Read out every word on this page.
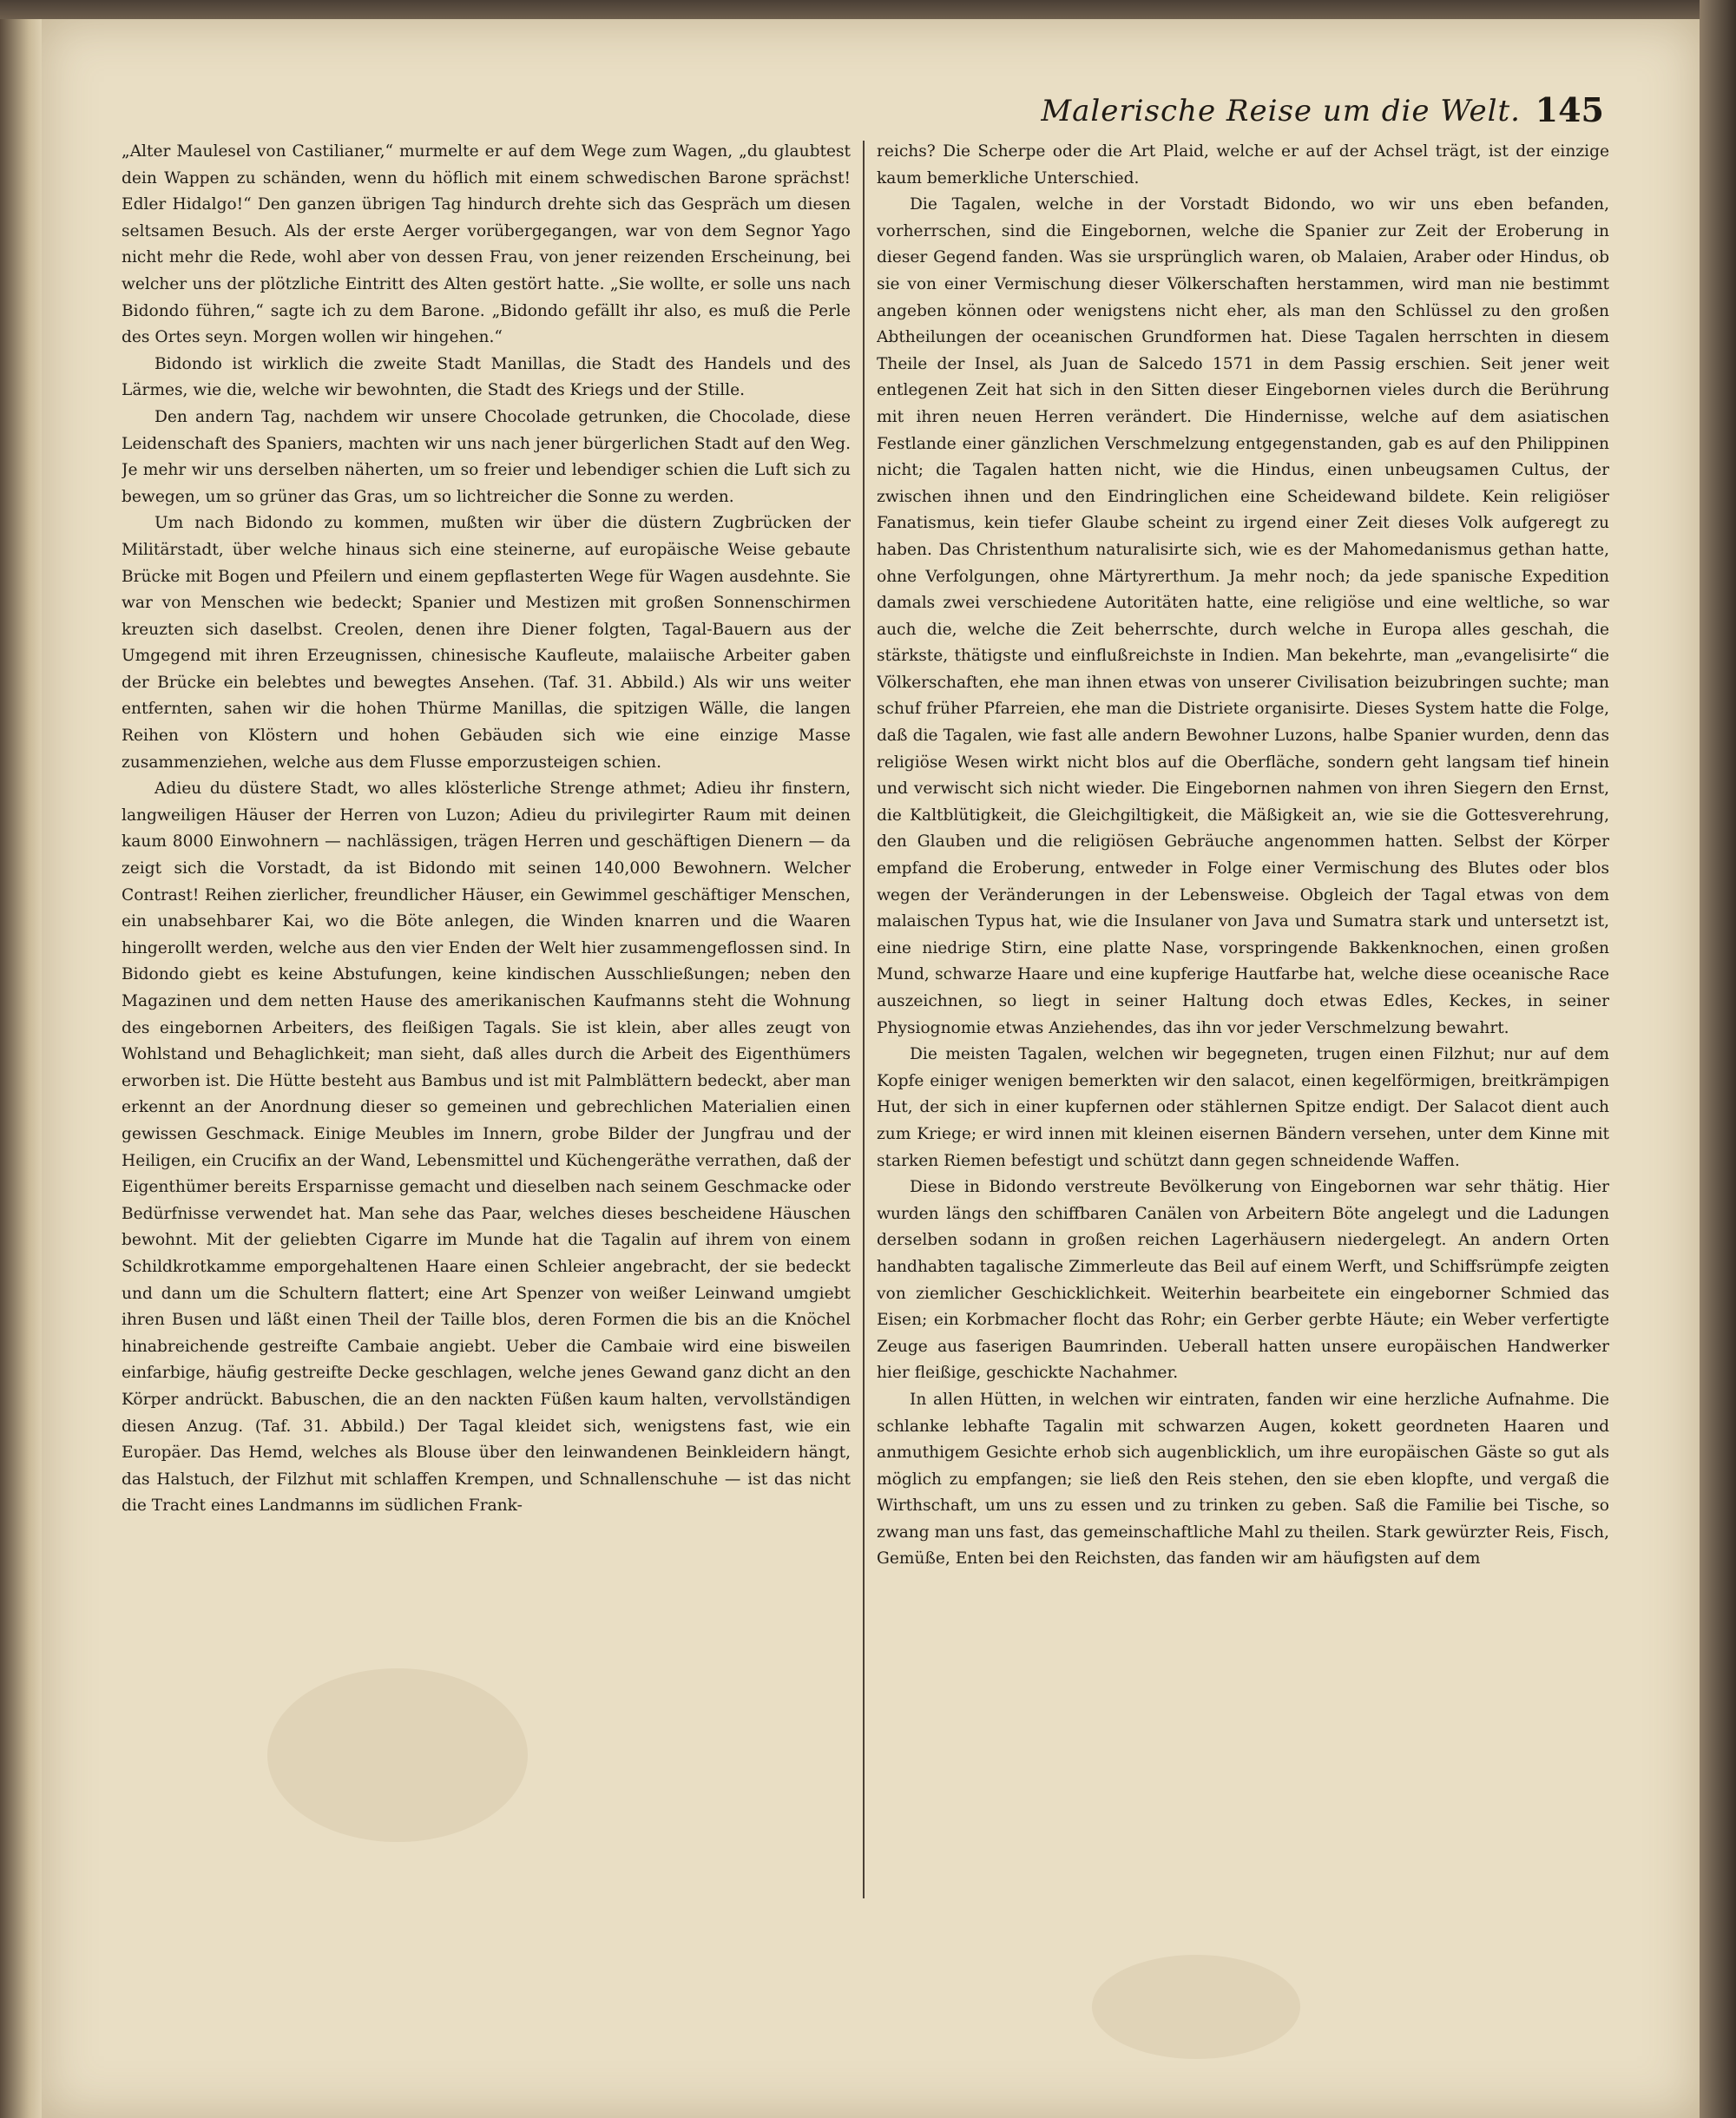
Malerische Reise um die Welt. 145

„Alter Maulesel von Castilianer,“ murmelte er auf dem Wege zum Wagen, „du glaubtest dein Wappen zu schänden, wenn du höflich mit einem schwedischen Barone sprächst! Edler Hidalgo!“ Den ganzen übrigen Tag hindurch drehte sich das Gespräch um diesen seltsamen Besuch. Als der erste Aerger vorübergegangen, war von dem Segnor Yago nicht mehr die Rede, wohl aber von dessen Frau, von jener reizenden Erscheinung, bei welcher uns der plötzliche Eintritt des Alten gestört hatte. „Sie wollte, er solle uns nach Bidondo führen,“ sagte ich zu dem Barone. „Bidondo gefällt ihr also, es muß die Perle des Ortes seyn. Morgen wollen wir hingehen.“

Bidondo ist wirklich die zweite Stadt Manillas, die Stadt des Handels und des Lärmes, wie die, welche wir bewohnten, die Stadt des Kriegs und der Stille.

Den andern Tag, nachdem wir unsere Chocolade getrunken, die Chocolade, diese Leidenschaft des Spaniers, machten wir uns nach jener bürgerlichen Stadt auf den Weg. Je mehr wir uns derselben näherten, um so freier und lebendiger schien die Luft sich zu bewegen, um so grüner das Gras, um so lichtreicher die Sonne zu werden.

Um nach Bidondo zu kommen, mußten wir über die düstern Zugbrücken der Militärstadt, über welche hinaus sich eine steinerne, auf europäische Weise gebaute Brücke mit Bogen und Pfeilern und einem gepflasterten Wege für Wagen ausdehnte. Sie war von Menschen wie bedeckt; Spanier und Mestizen mit großen Sonnenschirmen kreuzten sich daselbst. Creolen, denen ihre Diener folgten, Tagal-Bauern aus der Umgegend mit ihren Erzeugnissen, chinesische Kaufleute, malaiische Arbeiter gaben der Brücke ein belebtes und bewegtes Ansehen. (Taf. 31. Abbild.) Als wir uns weiter entfernten, sahen wir die hohen Thürme Manillas, die spitzigen Wälle, die langen Reihen von Klöstern und hohen Gebäuden sich wie eine einzige Masse zusammenziehen, welche aus dem Flusse emporzusteigen schien.

Adieu du düstere Stadt, wo alles klösterliche Strenge athmet; Adieu ihr finstern, langweiligen Häuser der Herren von Luzon; Adieu du privilegirter Raum mit deinen kaum 8000 Einwohnern — nachlässigen, trägen Herren und geschäftigen Dienern — da zeigt sich die Vorstadt, da ist Bidondo mit seinen 140,000 Bewohnern. Welcher Contrast! Reihen zierlicher, freundlicher Häuser, ein Gewimmel geschäftiger Menschen, ein unabsehbarer Kai, wo die Böte anlegen, die Winden knarren und die Waaren hingerollt werden, welche aus den vier Enden der Welt hier zusammengeflossen sind. In Bidondo giebt es keine Abstufungen, keine kindischen Ausschließungen; neben den Magazinen und dem netten Hause des amerikanischen Kaufmanns steht die Wohnung des eingebornen Arbeiters, des fleißigen Tagals. Sie ist klein, aber alles zeugt von Wohlstand und Behaglichkeit; man sieht, daß alles durch die Arbeit des Eigenthümers erworben ist. Die Hütte besteht aus Bambus und ist mit Palmblättern bedeckt, aber man erkennt an der Anordnung dieser so gemeinen und gebrechlichen Materialien einen gewissen Geschmack. Einige Meubles im Innern, grobe Bilder der Jungfrau und der Heiligen, ein Crucifix an der Wand, Lebensmittel und Küchengeräthe verrathen, daß der Eigenthümer bereits Ersparnisse gemacht und dieselben nach seinem Geschmacke oder Bedürfnisse verwendet hat. Man sehe das Paar, welches dieses bescheidene Häuschen bewohnt. Mit der geliebten Cigarre im Munde hat die Tagalin auf ihrem von einem Schildkrotkamme emporgehaltenen Haare einen Schleier angebracht, der sie bedeckt und dann um die Schultern flattert; eine Art Spenzer von weißer Leinwand umgiebt ihren Busen und läßt einen Theil der Taille blos, deren Formen die bis an die Knöchel hinabreichende gestreifte Cambaie angiebt. Ueber die Cambaie wird eine bisweilen einfarbige, häufig gestreifte Decke geschlagen, welche jenes Gewand ganz dicht an den Körper andrückt. Babuschen, die an den nackten Füßen kaum halten, vervollständigen diesen Anzug. (Taf. 31. Abbild.) Der Tagal kleidet sich, wenigstens fast, wie ein Europäer. Das Hemd, welches als Blouse über den leinwandenen Beinkleidern hängt, das Halstuch, der Filzhut mit schlaffen Krempen, und Schnallenschuhe — ist das nicht die Tracht eines Landmanns im südlichen Frank-

reichs? Die Scherpe oder die Art Plaid, welche er auf der Achsel trägt, ist der einzige kaum bemerkliche Unterschied.

Die Tagalen, welche in der Vorstadt Bidondo, wo wir uns eben befanden, vorherrschen, sind die Eingebornen, welche die Spanier zur Zeit der Eroberung in dieser Gegend fanden. Was sie ursprünglich waren, ob Malaien, Araber oder Hindus, ob sie von einer Vermischung dieser Völkerschaften herstammen, wird man nie bestimmt angeben können oder wenigstens nicht eher, als man den Schlüssel zu den großen Abtheilungen der oceanischen Grundformen hat. Diese Tagalen herrschten in diesem Theile der Insel, als Juan de Salcedo 1571 in dem Passig erschien. Seit jener weit entlegenen Zeit hat sich in den Sitten dieser Eingebornen vieles durch die Berührung mit ihren neuen Herren verändert. Die Hindernisse, welche auf dem asiatischen Festlande einer gänzlichen Verschmelzung entgegenstanden, gab es auf den Philippinen nicht; die Tagalen hatten nicht, wie die Hindus, einen unbeugsamen Cultus, der zwischen ihnen und den Eindringlichen eine Scheidewand bildete. Kein religiöser Fanatismus, kein tiefer Glaube scheint zu irgend einer Zeit dieses Volk aufgeregt zu haben. Das Christenthum naturalisirte sich, wie es der Mahomedanismus gethan hatte, ohne Verfolgungen, ohne Märtyrerthum. Ja mehr noch; da jede spanische Expedition damals zwei verschiedene Autoritäten hatte, eine religiöse und eine weltliche, so war auch die, welche die Zeit beherrschte, durch welche in Europa alles geschah, die stärkste, thätigste und einflußreichste in Indien. Man bekehrte, man „evangelisirte“ die Völkerschaften, ehe man ihnen etwas von unserer Civilisation beizubringen suchte; man schuf früher Pfarreien, ehe man die Distriete organisirte. Dieses System hatte die Folge, daß die Tagalen, wie fast alle andern Bewohner Luzons, halbe Spanier wurden, denn das religiöse Wesen wirkt nicht blos auf die Oberfläche, sondern geht langsam tief hinein und verwischt sich nicht wieder. Die Eingebornen nahmen von ihren Siegern den Ernst, die Kaltblütigkeit, die Gleichgiltigkeit, die Mäßigkeit an, wie sie die Gottesverehrung, den Glauben und die religiösen Gebräuche angenommen hatten. Selbst der Körper empfand die Eroberung, entweder in Folge einer Vermischung des Blutes oder blos wegen der Veränderungen in der Lebensweise. Obgleich der Tagal etwas von dem malaischen Typus hat, wie die Insulaner von Java und Sumatra stark und untersetzt ist, eine niedrige Stirn, eine platte Nase, vorspringende Bakkenknochen, einen großen Mund, schwarze Haare und eine kupferige Hautfarbe hat, welche diese oceanische Race auszeichnen, so liegt in seiner Haltung doch etwas Edles, Keckes, in seiner Physiognomie etwas Anziehendes, das ihn vor jeder Verschmelzung bewahrt.

Die meisten Tagalen, welchen wir begegneten, trugen einen Filzhut; nur auf dem Kopfe einiger wenigen bemerkten wir den salacot, einen kegelförmigen, breitkrämpigen Hut, der sich in einer kupfernen oder stählernen Spitze endigt. Der Salacot dient auch zum Kriege; er wird innen mit kleinen eisernen Bändern versehen, unter dem Kinne mit starken Riemen befestigt und schützt dann gegen schneidende Waffen.

Diese in Bidondo verstreute Bevölkerung von Eingebornen war sehr thätig. Hier wurden längs den schiffbaren Canälen von Arbeitern Böte angelegt und die Ladungen derselben sodann in großen reichen Lagerhäusern niedergelegt. An andern Orten handhabten tagalische Zimmerleute das Beil auf einem Werft, und Schiffsrümpfe zeigten von ziemlicher Geschicklichkeit. Weiterhin bearbeitete ein eingeborner Schmied das Eisen; ein Korbmacher flocht das Rohr; ein Gerber gerbte Häute; ein Weber verfertigte Zeuge aus faserigen Baumrinden. Ueberall hatten unsere europäischen Handwerker hier fleißige, geschickte Nachahmer.

In allen Hütten, in welchen wir eintraten, fanden wir eine herzliche Aufnahme. Die schlanke lebhafte Tagalin mit schwarzen Augen, kokett geordneten Haaren und anmuthigem Gesichte erhob sich augenblicklich, um ihre europäischen Gäste so gut als möglich zu empfangen; sie ließ den Reis stehen, den sie eben klopfte, und vergaß die Wirthschaft, um uns zu essen und zu trinken zu geben. Saß die Familie bei Tische, so zwang man uns fast, das gemeinschaftliche Mahl zu theilen. Stark gewürzter Reis, Fisch, Gemüße, Enten bei den Reichsten, das fanden wir am häufigsten auf dem
